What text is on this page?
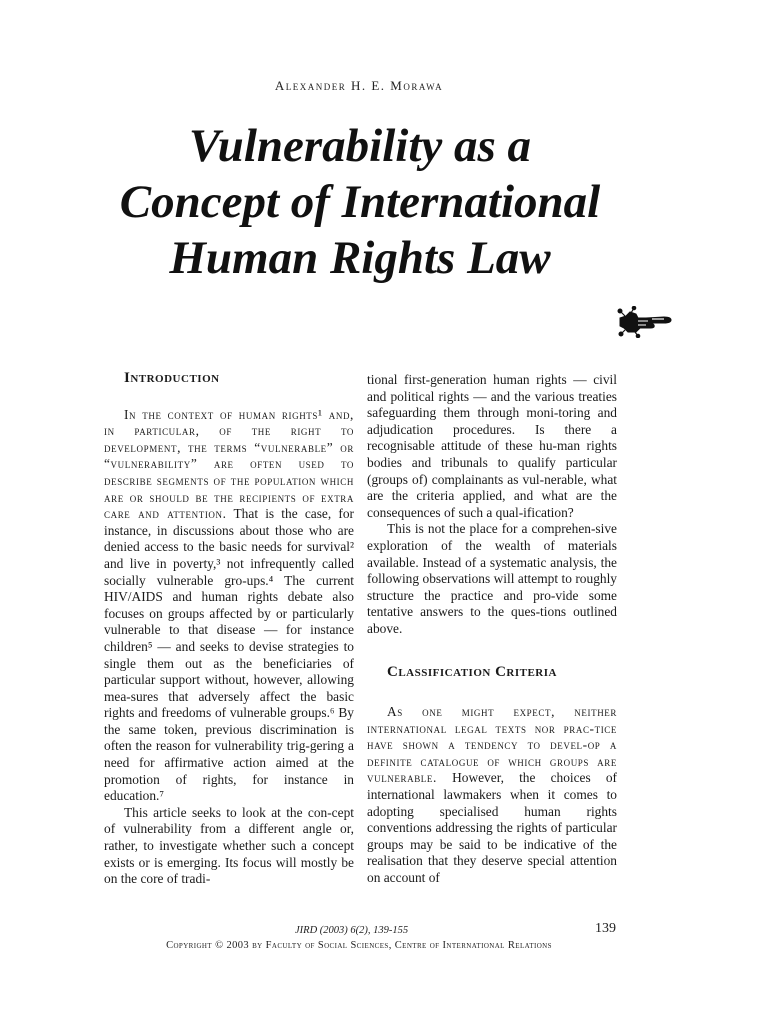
Alexander H. E. Morawa
Vulnerability as a
Concept of International
Human Rights Law

Introduction

In the context of human rights¹ and, in particular, of the right to development, the terms “vulnerable” or “vulnerability” are often used to describe segments of the population which are or should be the recipients of extra care and attention. That is the case, for instance, in discussions about those who are denied access to the basic needs for survival² and live in poverty,³ not infrequently called socially vulnerable gro-ups.⁴ The current HIV/AIDS and human rights debate also focuses on groups affected by or particularly vulnerable to that disease — for instance children⁵ — and seeks to devise strategies to single them out as the beneficiaries of particular support without, however, allowing mea-sures that adversely affect the basic rights and freedoms of vulnerable groups.⁶ By the same token, previous discrimination is often the reason for vulnerability trig-gering a need for affirmative action aimed at the promotion of rights, for instance in education.⁷

This article seeks to look at the con-cept of vulnerability from a different angle or, rather, to investigate whether such a concept exists or is emerging. Its focus will mostly be on the core of tradi-

tional first-generation human rights — civil and political rights — and the various treaties safeguarding them through moni-toring and adjudication procedures. Is there a recognisable attitude of these hu-man rights bodies and tribunals to qualify particular (groups of) complainants as vul-nerable, what are the criteria applied, and what are the consequences of such a qual-ification?

This is not the place for a comprehen-sive exploration of the wealth of materials available. Instead of a systematic analysis, the following observations will attempt to roughly structure the practice and pro-vide some tentative answers to the ques-tions outlined above.

Classification Criteria

As one might expect, neither international legal texts nor prac-tice have shown a tendency to devel-op a definite catalogue of which groups are vulnerable. However, the choices of international lawmakers when it comes to adopting specialised human rights conventions addressing the rights of particular groups may be said to be indicative of the realisation that they deserve special attention on account of

JIRD (2003) 6(2), 139-155	139
Copyright © 2003 by Faculty of Social Sciences, Centre of International Relations
